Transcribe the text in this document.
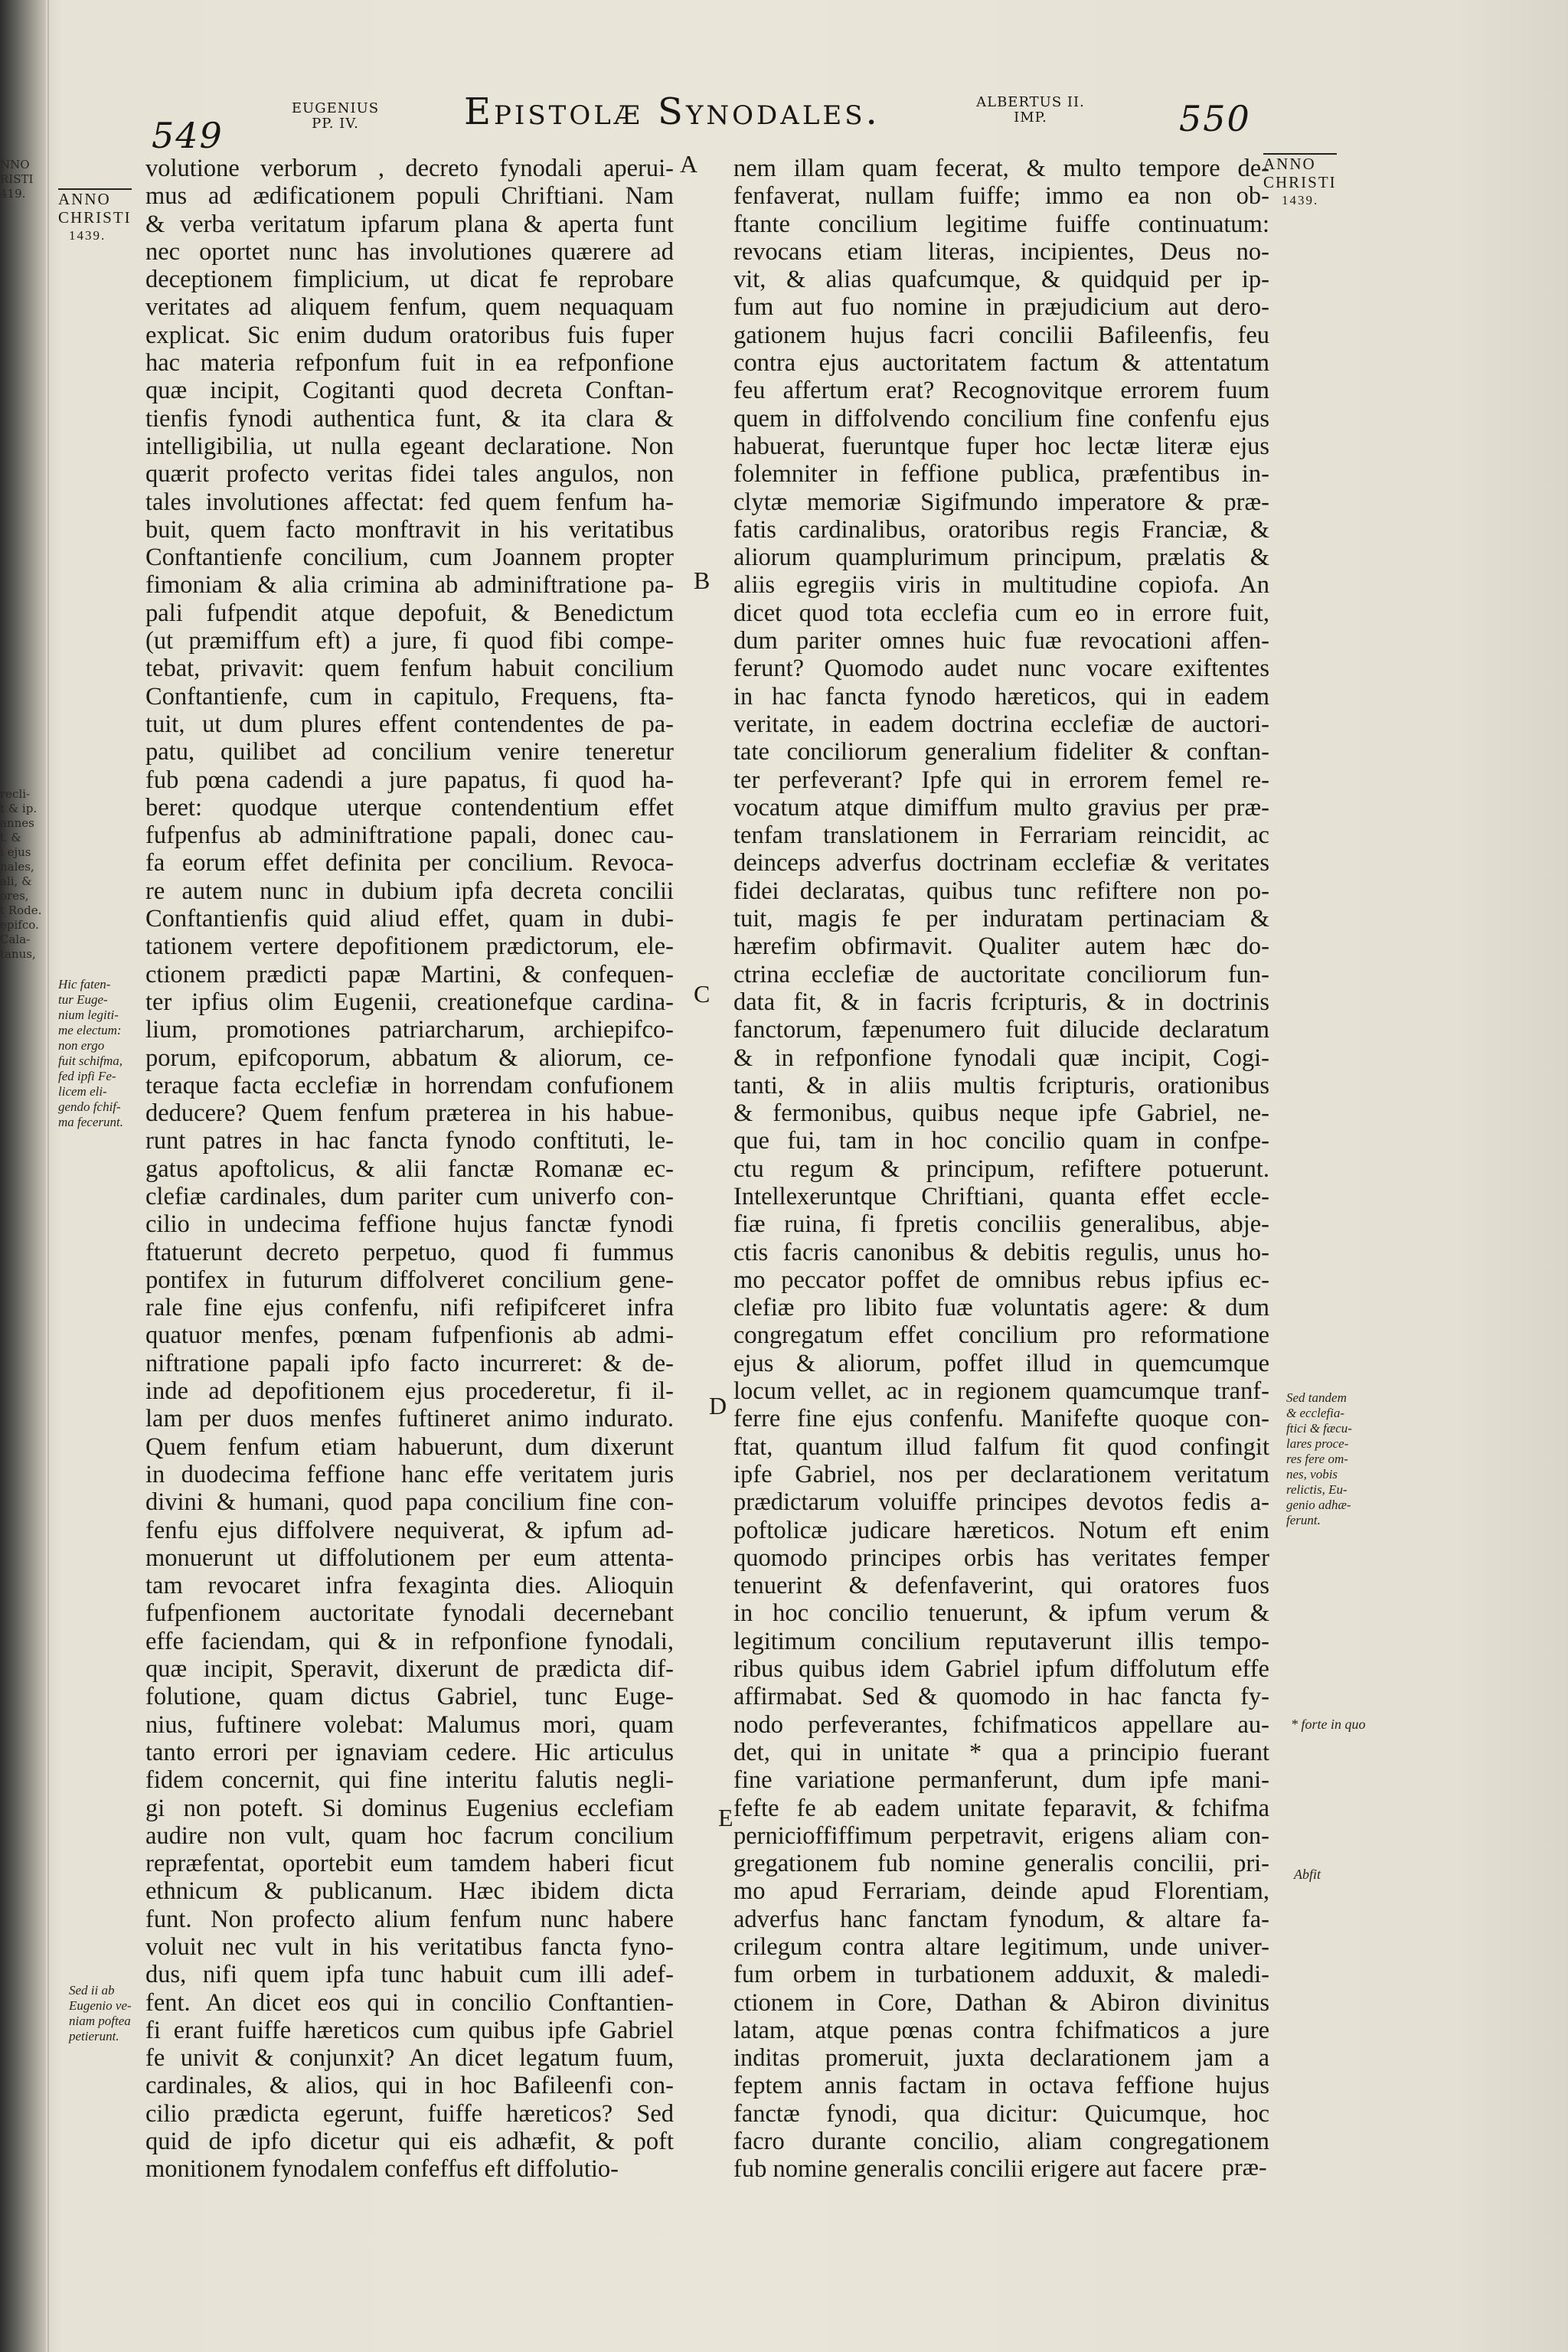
NNO
RISTI
419.
recli-
t & ip.
annes
l. &
i ejus
nales,
ali, &
ores,
t Rode.
epifco.
Cala-
tanus,
549
EUGENIUS
PP. IV.	Epistolæ Synodales.	ALBERTUS II.
IMP.	550
ANNO
CHRISTI
1439.
ANNO
CHRISTI
1439.
Hic faten-
tur Euge-
nium legiti-
me electum:
non ergo
fuit schifma,
fed ipfi Fe-
licem eli-
gendo fchif-
ma fecerunt.
Sed ii ab
Eugenio ve-
niam poftea
petierunt.
Sed tandem
& ecclefia-
ftici & fæcu-
lares proce-
res fere om-
nes, vobis
relictis, Eu-
genio adhæ-
ferunt.
* forte in quo
Abfit
A
B
C
D
E
volutione verborum , decreto fynodali aperui-
mus ad ædificationem populi Chriftiani. Nam
& verba veritatum ipfarum plana & aperta funt
nec oportet nunc has involutiones quærere ad
deceptionem fimplicium, ut dicat fe reprobare
veritates ad aliquem fenfum, quem nequaquam
explicat. Sic enim dudum oratoribus fuis fuper
hac materia refponfum fuit in ea refponfione
quæ incipit, Cogitanti quod decreta Conftan-
tienfis fynodi authentica funt, & ita clara &
intelligibilia, ut nulla egeant declaratione. Non
quærit profecto veritas fidei tales angulos, non
tales involutiones affectat: fed quem fenfum ha-
buit, quem facto monftravit in his veritatibus
Conftantienfe concilium, cum Joannem propter
fimoniam & alia crimina ab adminiftratione pa-
pali fufpendit atque depofuit, & Benedictum
(ut præmiffum eft) a jure, fi quod fibi compe-
tebat, privavit: quem fenfum habuit concilium
Conftantienfe, cum in capitulo, Frequens, fta-
tuit, ut dum plures effent contendentes de pa-
patu, quilibet ad concilium venire teneretur
fub pœna cadendi a jure papatus, fi quod ha-
beret: quodque uterque contendentium effet
fufpenfus ab adminiftratione papali, donec cau-
fa eorum effet definita per concilium. Revoca-
re autem nunc in dubium ipfa decreta concilii
Conftantienfis quid aliud effet, quam in dubi-
tationem vertere depofitionem prædictorum, ele-
ctionem prædicti papæ Martini, & confequen-
ter ipfius olim Eugenii, creationefque cardina-
lium, promotiones patriarcharum, archiepifco-
porum, epifcoporum, abbatum & aliorum, ce-
teraque facta ecclefiæ in horrendam confufionem
deducere? Quem fenfum præterea in his habue-
runt patres in hac fancta fynodo conftituti, le-
gatus apoftolicus, & alii fanctæ Romanæ ec-
clefiæ cardinales, dum pariter cum univerfo con-
cilio in undecima feffione hujus fanctæ fynodi
ftatuerunt decreto perpetuo, quod fi fummus
pontifex in futurum diffolveret concilium gene-
rale fine ejus confenfu, nifi refipifceret infra
quatuor menfes, pœnam fufpenfionis ab admi-
niftratione papali ipfo facto incurreret: & de-
inde ad depofitionem ejus procederetur, fi il-
lam per duos menfes fuftineret animo indurato.
Quem fenfum etiam habuerunt, dum dixerunt
in duodecima feffione hanc effe veritatem juris
divini & humani, quod papa concilium fine con-
fenfu ejus diffolvere nequiverat, & ipfum ad-
monuerunt ut diffolutionem per eum attenta-
tam revocaret infra fexaginta dies. Alioquin
fufpenfionem auctoritate fynodali decernebant
effe faciendam, qui & in refponfione fynodali,
quæ incipit, Speravit, dixerunt de prædicta dif-
folutione, quam dictus Gabriel, tunc Euge-
nius, fuftinere volebat: Malumus mori, quam
tanto errori per ignaviam cedere. Hic articulus
fidem concernit, qui fine interitu falutis negli-
gi non poteft. Si dominus Eugenius ecclefiam
audire non vult, quam hoc facrum concilium
repræfentat, oportebit eum tamdem haberi ficut
ethnicum & publicanum. Hæc ibidem dicta
funt. Non profecto alium fenfum nunc habere
voluit nec vult in his veritatibus fancta fyno-
dus, nifi quem ipfa tunc habuit cum illi adef-
fent. An dicet eos qui in concilio Conftantien-
fi erant fuiffe hæreticos cum quibus ipfe Gabriel
fe univit & conjunxit? An dicet legatum fuum,
cardinales, & alios, qui in hoc Bafileenfi con-
cilio prædicta egerunt, fuiffe hæreticos? Sed
quid de ipfo dicetur qui eis adhæfit, & poft
monitionem fynodalem confeffus eft diffolutio-
nem illam quam fecerat, & multo tempore de-
fenfaverat, nullam fuiffe; immo ea non ob-
ftante concilium legitime fuiffe continuatum:
revocans etiam literas, incipientes, Deus no-
vit, & alias quafcumque, & quidquid per ip-
fum aut fuo nomine in præjudicium aut dero-
gationem hujus facri concilii Bafileenfis, feu
contra ejus auctoritatem factum & attentatum
feu affertum erat? Recognovitque errorem fuum
quem in diffolvendo concilium fine confenfu ejus
habuerat, fueruntque fuper hoc lectæ literæ ejus
folemniter in feffione publica, præfentibus in-
clytæ memoriæ Sigifmundo imperatore & præ-
fatis cardinalibus, oratoribus regis Franciæ, &
aliorum quamplurimum principum, prælatis &
aliis egregiis viris in multitudine copiofa. An
dicet quod tota ecclefia cum eo in errore fuit,
dum pariter omnes huic fuæ revocationi affen-
ferunt? Quomodo audet nunc vocare exiftentes
in hac fancta fynodo hæreticos, qui in eadem
veritate, in eadem doctrina ecclefiæ de auctori-
tate conciliorum generalium fideliter & conftan-
ter perfeverant? Ipfe qui in errorem femel re-
vocatum atque dimiffum multo gravius per præ-
tenfam translationem in Ferrariam reincidit, ac
deinceps adverfus doctrinam ecclefiæ & veritates
fidei declaratas, quibus tunc refiftere non po-
tuit, magis fe per induratam pertinaciam &
hærefim obfirmavit. Qualiter autem hæc do-
ctrina ecclefiæ de auctoritate conciliorum fun-
data fit, & in facris fcripturis, & in doctrinis
fanctorum, fæpenumero fuit dilucide declaratum
& in refponfione fynodali quæ incipit, Cogi-
tanti, & in aliis multis fcripturis, orationibus
& fermonibus, quibus neque ipfe Gabriel, ne-
que fui, tam in hoc concilio quam in confpe-
ctu regum & principum, refiftere potuerunt.
Intellexeruntque Chriftiani, quanta effet eccle-
fiæ ruina, fi fpretis conciliis generalibus, abje-
ctis facris canonibus & debitis regulis, unus ho-
mo peccator poffet de omnibus rebus ipfius ec-
clefiæ pro libito fuæ voluntatis agere: & dum
congregatum effet concilium pro reformatione
ejus & aliorum, poffet illud in quemcumque
locum vellet, ac in regionem quamcumque tranf-
ferre fine ejus confenfu. Manifefte quoque con-
ftat, quantum illud falfum fit quod confingit
ipfe Gabriel, nos per declarationem veritatum
prædictarum voluiffe principes devotos fedis a-
poftolicæ judicare hæreticos. Notum eft enim
quomodo principes orbis has veritates femper
tenuerint & defenfaverint, qui oratores fuos
in hoc concilio tenuerunt, & ipfum verum &
legitimum concilium reputaverunt illis tempo-
ribus quibus idem Gabriel ipfum diffolutum effe
affirmabat. Sed & quomodo in hac fancta fy-
nodo perfeverantes, fchifmaticos appellare au-
det, qui in unitate * qua a principio fuerant
fine variatione permanferunt, dum ipfe mani-
fefte fe ab eadem unitate feparavit, & fchifma
pernicioffiffimum perpetravit, erigens aliam con-
gregationem fub nomine generalis concilii, pri-
mo apud Ferrariam, deinde apud Florentiam,
adverfus hanc fanctam fynodum, & altare fa-
crilegum contra altare legitimum, unde univer-
fum orbem in turbationem adduxit, & maledi-
ctionem in Core, Dathan & Abiron divinitus
latam, atque pœnas contra fchifmaticos a jure
inditas promeruit, juxta declarationem jam a
feptem annis factam in octava feffione hujus
fanctæ fynodi, qua dicitur: Quicumque, hoc
facro durante concilio, aliam congregationem
fub nomine generalis concilii erigere aut facere præ-
